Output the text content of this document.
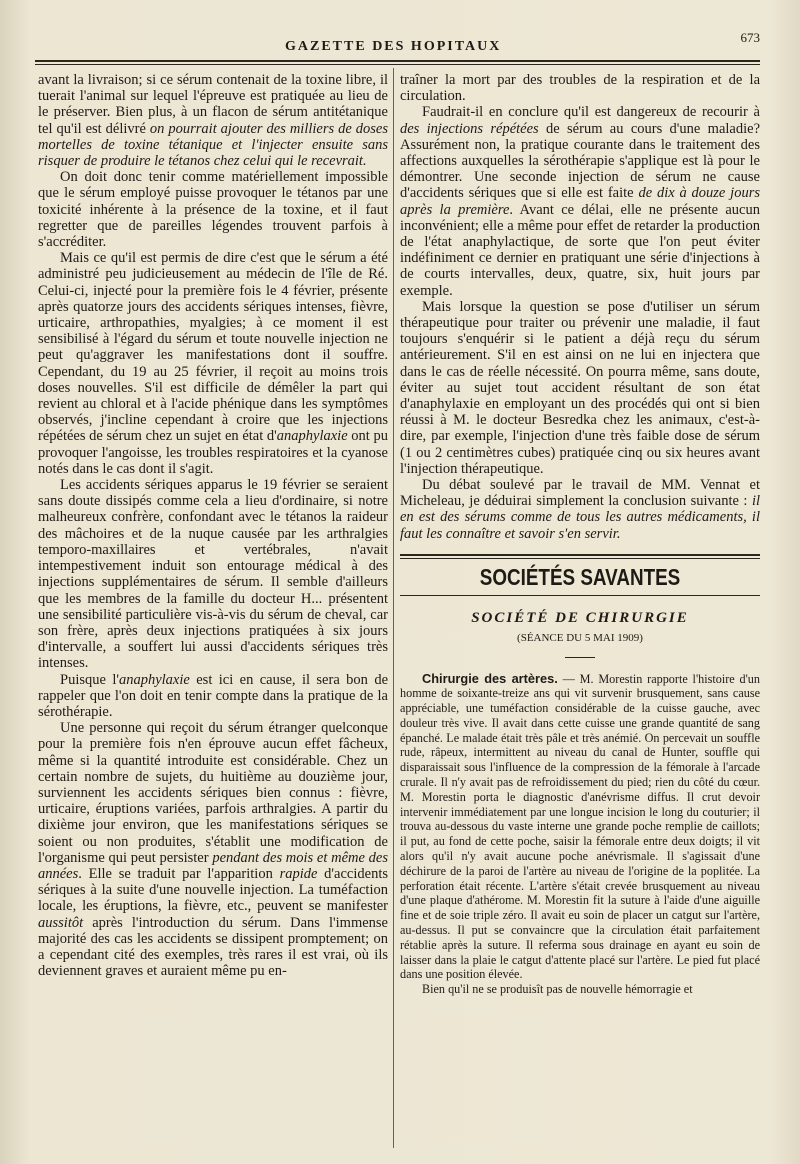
GAZETTE DES HOPITAUX
673

avant la livraison; si ce sérum contenait de la toxine libre, il tuerait l'animal sur lequel l'épreuve est pratiquée au lieu de le préserver. Bien plus, à un flacon de sérum antitétanique tel qu'il est délivré on pourrait ajouter des milliers de doses mortelles de toxine tétanique et l'injecter ensuite sans risquer de produire le tétanos chez celui qui le recevrait.

On doit donc tenir comme matériellement impossible que le sérum employé puisse provoquer le tétanos par une toxicité inhérente à la présence de la toxine, et il faut regretter que de pareilles légendes trouvent parfois à s'accréditer.

Mais ce qu'il est permis de dire c'est que le sérum a été administré peu judicieusement au médecin de l'île de Ré. Celui-ci, injecté pour la première fois le 4 février, présente après quatorze jours des accidents sériques intenses, fièvre, urticaire, arthropathies, myalgies; à ce moment il est sensibilisé à l'égard du sérum et toute nouvelle injection ne peut qu'aggraver les manifestations dont il souffre. Cependant, du 19 au 25 février, il reçoit au moins trois doses nouvelles. S'il est difficile de démêler la part qui revient au chloral et à l'acide phénique dans les symptômes observés, j'incline cependant à croire que les injections répétées de sérum chez un sujet en état d'anaphylaxie ont pu provoquer l'angoisse, les troubles respiratoires et la cyanose notés dans le cas dont il s'agit.

Les accidents sériques apparus le 19 février se seraient sans doute dissipés comme cela a lieu d'ordinaire, si notre malheureux confrère, confondant avec le tétanos la raideur des mâchoires et de la nuque causée par les arthralgies temporo-maxillaires et vertébrales, n'avait intempestivement induit son entourage médical à des injections supplémentaires de sérum. Il semble d'ailleurs que les membres de la famille du docteur H... présentent une sensibilité particulière vis-à-vis du sérum de cheval, car son frère, après deux injections pratiquées à six jours d'intervalle, a souffert lui aussi d'accidents sériques très intenses.

Puisque l'anaphylaxie est ici en cause, il sera bon de rappeler que l'on doit en tenir compte dans la pratique de la sérothérapie.

Une personne qui reçoit du sérum étranger quelconque pour la première fois n'en éprouve aucun effet fâcheux, même si la quantité introduite est considérable. Chez un certain nombre de sujets, du huitième au douzième jour, surviennent les accidents sériques bien connus : fièvre, urticaire, éruptions variées, parfois arthralgies. A partir du dixième jour environ, que les manifestations sériques se soient ou non produites, s'établit une modification de l'organisme qui peut persister pendant des mois et même des années. Elle se traduit par l'apparition rapide d'accidents sériques à la suite d'une nouvelle injection. La tuméfaction locale, les éruptions, la fièvre, etc., peuvent se manifester aussitôt après l'introduction du sérum. Dans l'immense majorité des cas les accidents se dissipent promptement; on a cependant cité des exemples, très rares il est vrai, où ils deviennent graves et auraient même pu en-

traîner la mort par des troubles de la respiration et de la circulation.

Faudrait-il en conclure qu'il est dangereux de recourir à des injections répétées de sérum au cours d'une maladie? Assurément non, la pratique courante dans le traitement des affections auxquelles la sérothérapie s'applique est là pour le démontrer. Une seconde injection de sérum ne cause d'accidents sériques que si elle est faite de dix à douze jours après la première. Avant ce délai, elle ne présente aucun inconvénient; elle a même pour effet de retarder la production de l'état anaphylactique, de sorte que l'on peut éviter indéfiniment ce dernier en pratiquant une série d'injections à de courts intervalles, deux, quatre, six, huit jours par exemple.

Mais lorsque la question se pose d'utiliser un sérum thérapeutique pour traiter ou prévenir une maladie, il faut toujours s'enquérir si le patient a déjà reçu du sérum antérieurement. S'il en est ainsi on ne lui en injectera que dans le cas de réelle nécessité. On pourra même, sans doute, éviter au sujet tout accident résultant de son état d'anaphylaxie en employant un des procédés qui ont si bien réussi à M. le docteur Besredka chez les animaux, c'est-à-dire, par exemple, l'injection d'une très faible dose de sérum (1 ou 2 centimètres cubes) pratiquée cinq ou six heures avant l'injection thérapeutique.

Du débat soulevé par le travail de MM. Vennat et Micheleau, je déduirai simplement la conclusion suivante : il en est des sérums comme de tous les autres médicaments, il faut les connaître et savoir s'en servir.

SOCIÉTÉS SAVANTES
SOCIÉTÉ DE CHIRURGIE
(SÉANCE DU 5 MAI 1909)

Chirurgie des artères. — M. Morestin rapporte l'histoire d'un homme de soixante-treize ans qui vit survenir brusquement, sans cause appréciable, une tuméfaction considérable de la cuisse gauche, avec douleur très vive. Il avait dans cette cuisse une grande quantité de sang épanché. Le malade était très pâle et très anémié. On percevait un souffle rude, râpeux, intermittent au niveau du canal de Hunter, souffle qui disparaissait sous l'influence de la compression de la fémorale à l'arcade crurale. Il n'y avait pas de refroidissement du pied; rien du côté du cœur. M. Morestin porta le diagnostic d'anévrisme diffus. Il crut devoir intervenir immédiatement par une longue incision le long du couturier; il trouva au-dessous du vaste interne une grande poche remplie de caillots; il put, au fond de cette poche, saisir la fémorale entre deux doigts; il vit alors qu'il n'y avait aucune poche anévrismale. Il s'agissait d'une déchirure de la paroi de l'artère au niveau de l'origine de la poplitée. La perforation était récente. L'artère s'était crevée brusquement au niveau d'une plaque d'athérome. M. Morestin fit la suture à l'aide d'une aiguille fine et de soie triple zéro. Il avait eu soin de placer un catgut sur l'artère, au-dessus. Il put se convaincre que la circulation était parfaitement rétablie après la suture. Il referma sous drainage en ayant eu soin de laisser dans la plaie le catgut d'attente placé sur l'artère. Le pied fut placé dans une position élevée.

Bien qu'il ne se produisît pas de nouvelle hémorragie et
